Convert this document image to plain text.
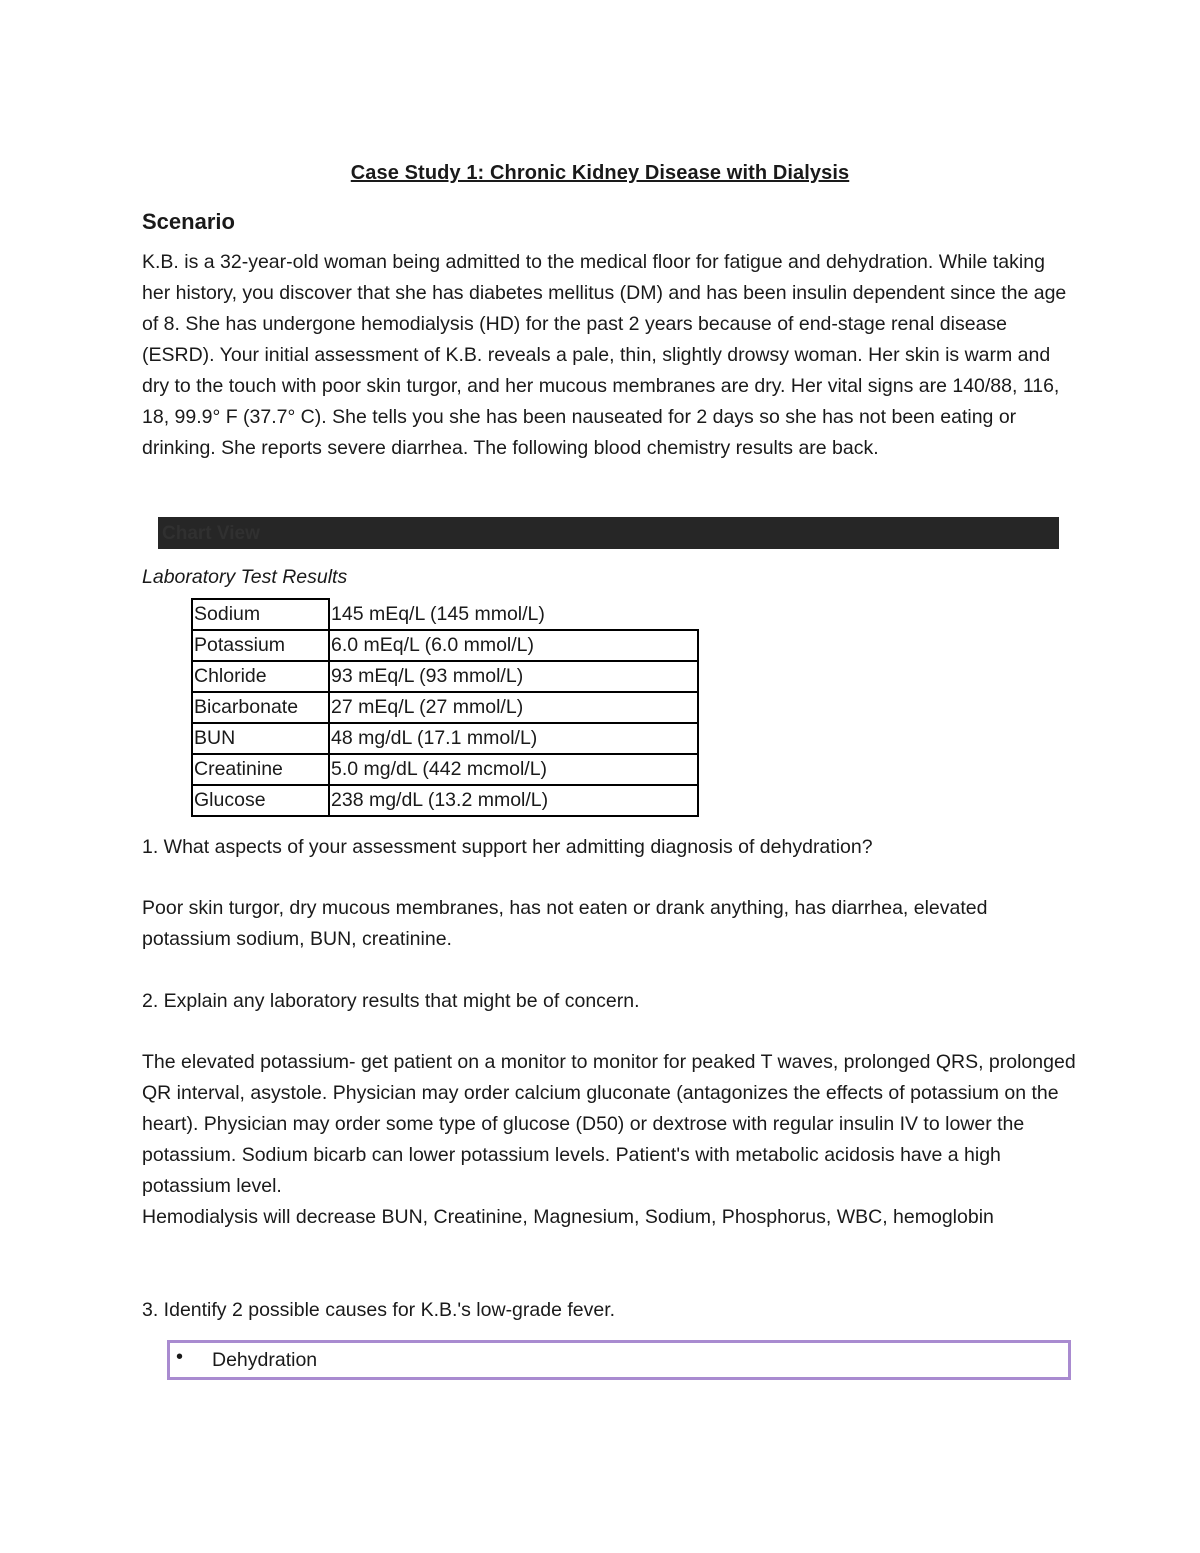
Case Study 1: Chronic Kidney Disease with Dialysis
Scenario
K.B. is a 32-year-old woman being admitted to the medical floor for fatigue and dehydration. While taking her history, you discover that she has diabetes mellitus (DM) and has been insulin dependent since the age of 8. She has undergone hemodialysis (HD) for the past 2 years because of end-stage renal disease (ESRD). Your initial assessment of K.B. reveals a pale, thin, slightly drowsy woman. Her skin is warm and dry to the touch with poor skin turgor, and her mucous membranes are dry. Her vital signs are 140/88, 116, 18, 99.9° F (37.7° C). She tells you she has been nauseated for 2 days so she has not been eating or drinking. She reports severe diarrhea. The following blood chemistry results are back.
Chart View
Laboratory Test Results
Sodium	145 mEq/L (145 mmol/L)
Potassium	6.0 mEq/L (6.0 mmol/L)
Chloride	93 mEq/L (93 mmol/L)
Bicarbonate	27 mEq/L (27 mmol/L)
BUN	48 mg/dL (17.1 mmol/L)
Creatinine	5.0 mg/dL (442 mcmol/L)
Glucose	238 mg/dL (13.2 mmol/L)
1. What aspects of your assessment support her admitting diagnosis of dehydration?
Poor skin turgor, dry mucous membranes, has not eaten or drank anything, has diarrhea, elevated potassium sodium, BUN, creatinine.
2. Explain any laboratory results that might be of concern.
The elevated potassium- get patient on a monitor to monitor for peaked T waves, prolonged QRS, prolonged QR interval, asystole. Physician may order calcium gluconate (antagonizes the effects of potassium on the heart). Physician may order some type of glucose (D50) or dextrose with regular insulin IV to lower the potassium. Sodium bicarb can lower potassium levels. Patient's with metabolic acidosis have a high potassium level.
Hemodialysis will decrease BUN, Creatinine, Magnesium, Sodium, Phosphorus, WBC, hemoglobin
3. Identify 2 possible causes for K.B.'s low-grade fever.
• Dehydration
